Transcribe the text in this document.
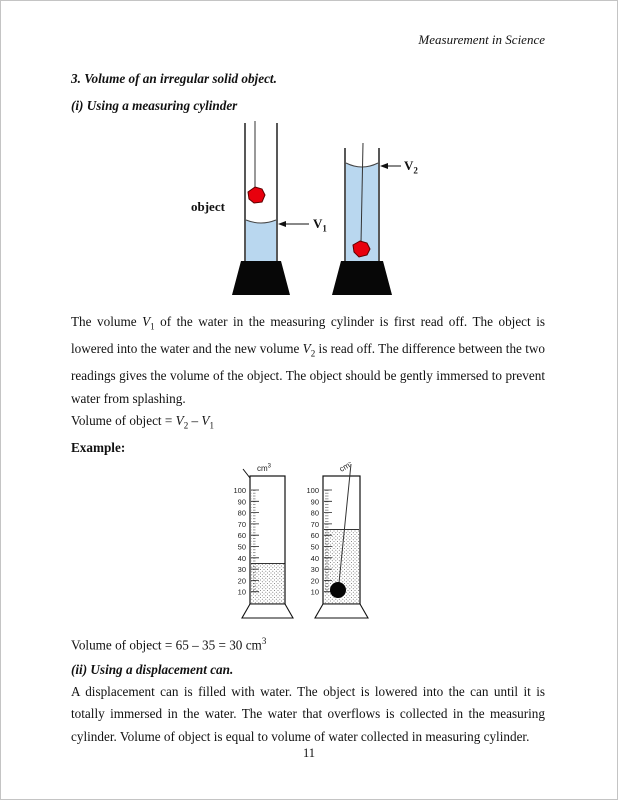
Measurement in Science
3. Volume of an irregular solid object.
(i) Using a measuring cylinder
object
$V_1$
$V_2$

The volume $V_1$ of the water in the measuring cylinder is first read off. The object is lowered into the water and the new volume $V_2$ is read off. The difference between the two readings gives the volume of the object. The object should be gently immersed to prevent water from splashing.

Volume of object = $V_2 - V_1$

Example:

$cm^3$
100
90
80
70
60
50
40
30
20
10
cm
100
90
80
70
60
50
40
30
20
10

Volume of object = 65 – 35 = 30 $cm^3$

(ii) Using a displacement can.

A displacement can is filled with water. The object is lowered into the can until it is totally immersed in the water. The water that overflows is collected in the measuring cylinder. Volume of object is equal to volume of water collected in measuring cylinder.

11
